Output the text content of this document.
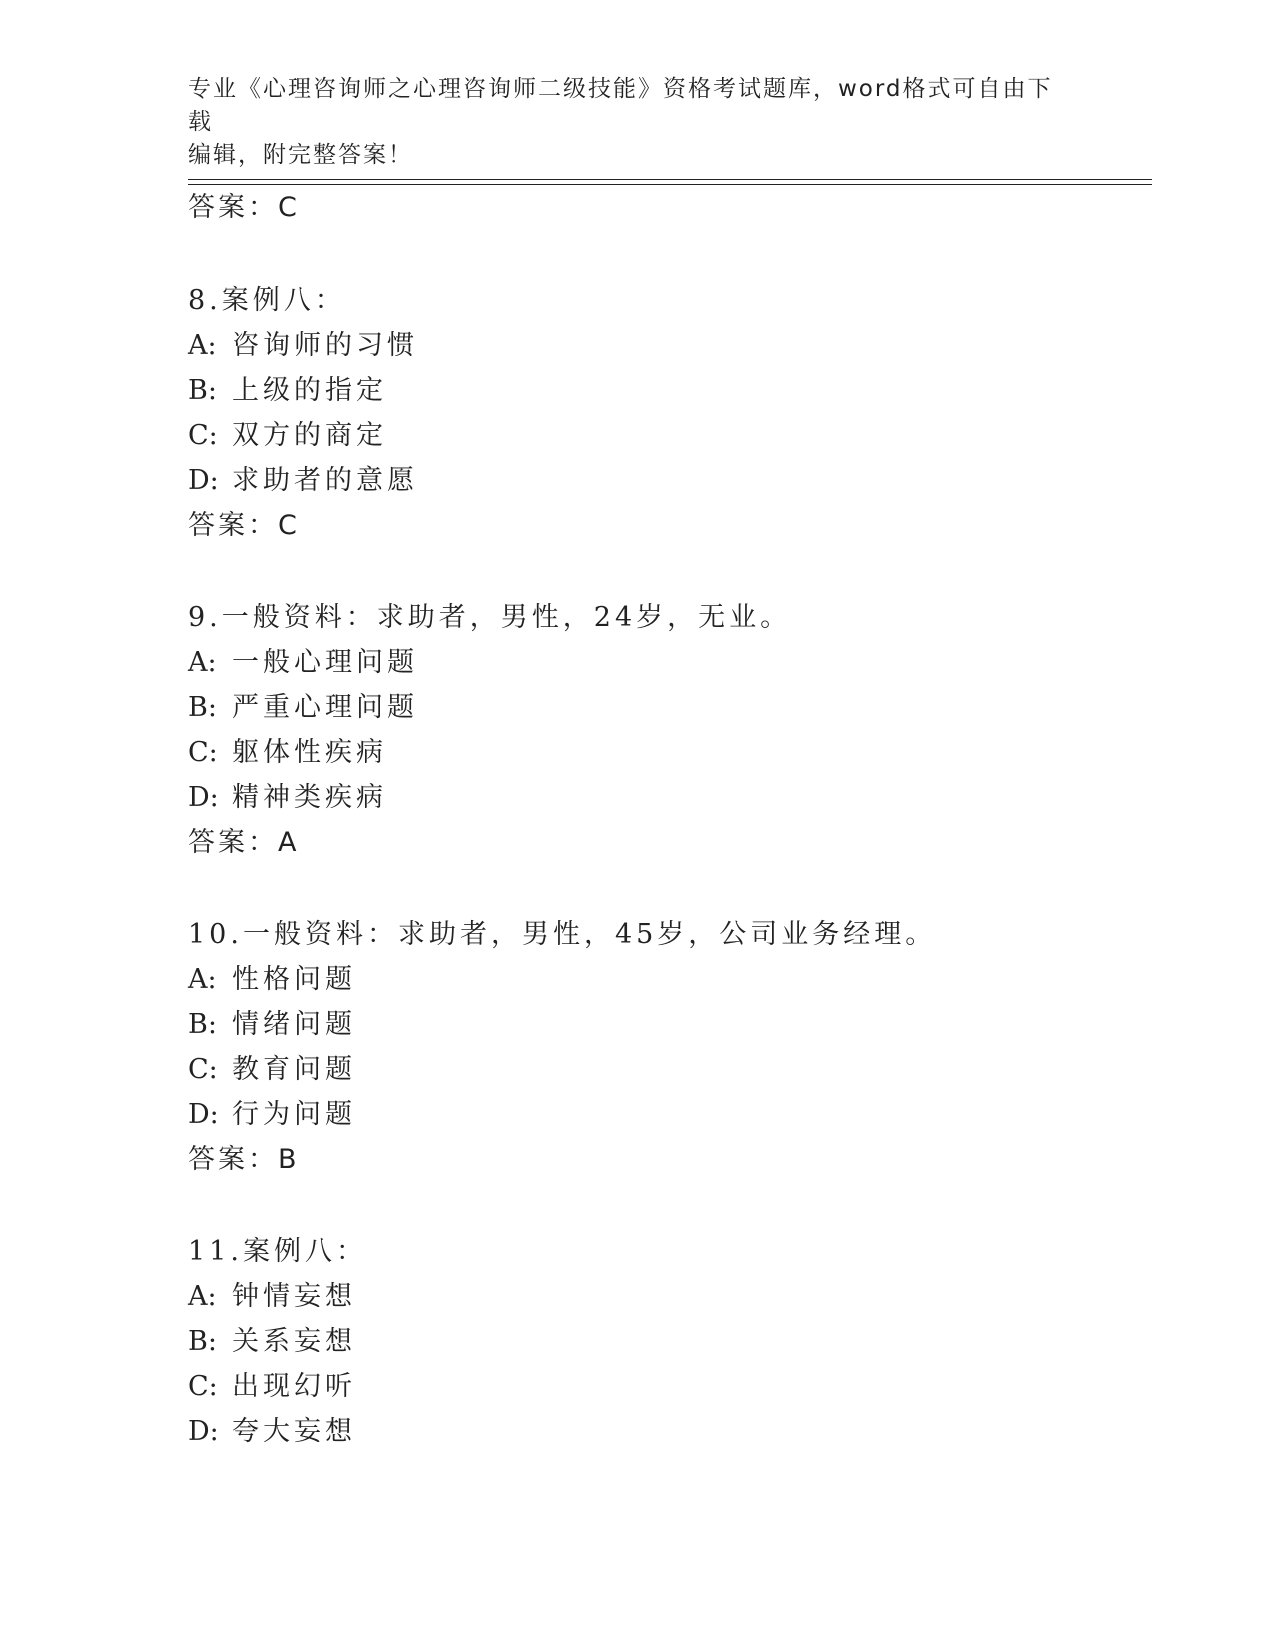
专业《心理咨询师之心理咨询师二级技能》资格考试题库，word格式可自由下载
编辑，附完整答案！
答案：C
8.案例八：
A: 咨询师的习惯
B: 上级的指定
C: 双方的商定
D: 求助者的意愿
答案：C
9.一般资料：求助者，男性，24岁，无业。
A: 一般心理问题
B: 严重心理问题
C: 躯体性疾病
D: 精神类疾病
答案：A
10.一般资料：求助者，男性，45岁，公司业务经理。
A: 性格问题
B: 情绪问题
C: 教育问题
D: 行为问题
答案：B
11.案例八：
A: 钟情妄想
B: 关系妄想
C: 出现幻听
D: 夸大妄想
